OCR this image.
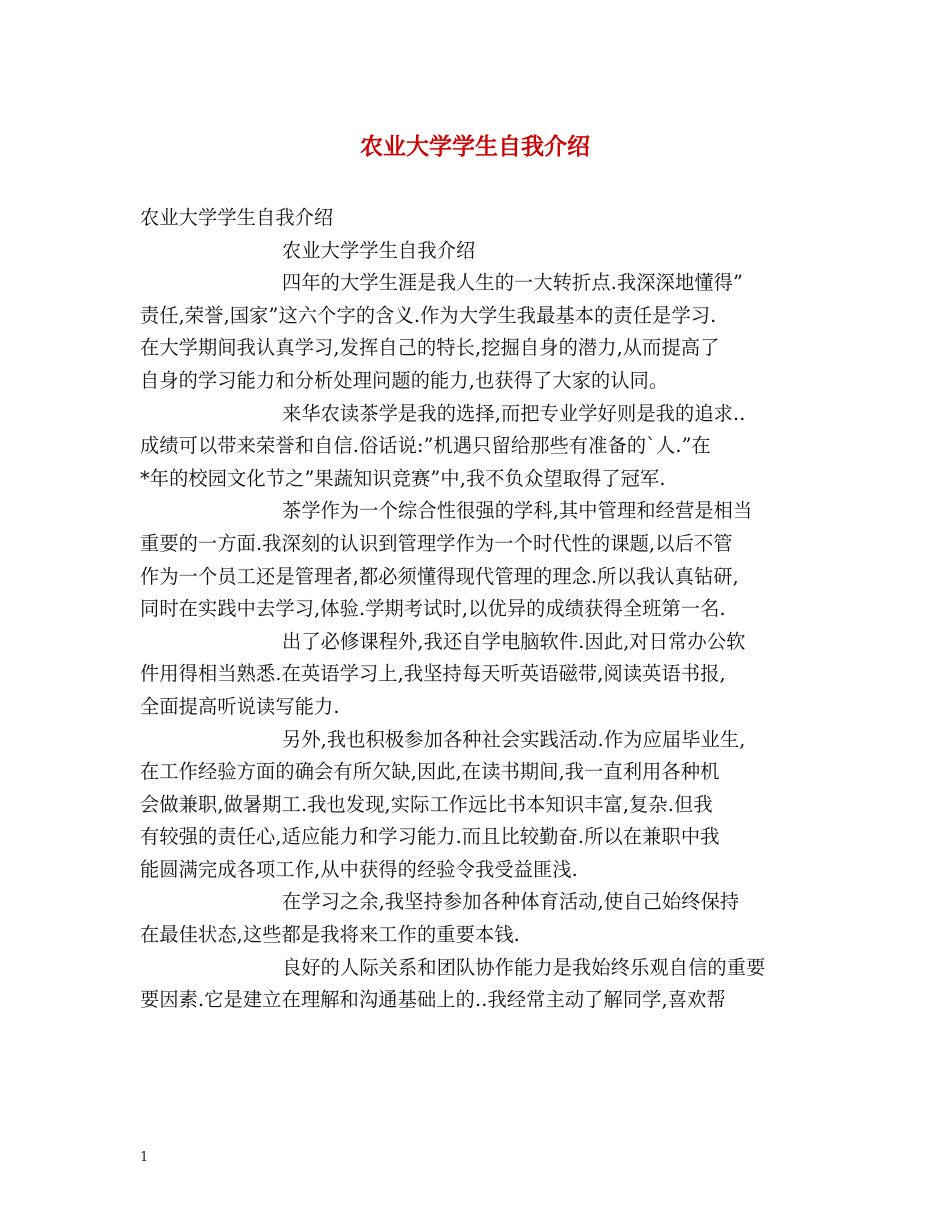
农业大学学生自我介绍
农业大学学生自我介绍
农业大学学生自我介绍
四年的大学生涯是我人生的一大转折点.我深深地懂得”
责任,荣誉,国家”这六个字的含义.作为大学生我最基本的责任是学习.
在大学期间我认真学习,发挥自己的特长,挖掘自身的潜力,从而提高了
自身的学习能力和分析处理问题的能力,也获得了大家的认同。
来华农读茶学是我的选择,而把专业学好则是我的追求..
成绩可以带来荣誉和自信.俗话说:”机遇只留给那些有准备的`人.”在
*年的校园文化节之”果蔬知识竞赛”中,我不负众望取得了冠军.
茶学作为一个综合性很强的学科,其中管理和经营是相当
重要的一方面.我深刻的认识到管理学作为一个时代性的课题,以后不管
作为一个员工还是管理者,都必须懂得现代管理的理念.所以我认真钻研,
同时在实践中去学习,体验.学期考试时,以优异的成绩获得全班第一名.
出了必修课程外,我还自学电脑软件.因此,对日常办公软
件用得相当熟悉.在英语学习上,我坚持每天听英语磁带,阅读英语书报,
全面提高听说读写能力.
另外,我也积极参加各种社会实践活动.作为应届毕业生,
在工作经验方面的确会有所欠缺,因此,在读书期间,我一直利用各种机
会做兼职,做暑期工.我也发现,实际工作远比书本知识丰富,复杂.但我
有较强的责任心,适应能力和学习能力.而且比较勤奋.所以在兼职中我
能圆满完成各项工作,从中获得的经验令我受益匪浅.
在学习之余,我坚持参加各种体育活动,使自己始终保持
在最佳状态,这些都是我将来工作的重要本钱.
良好的人际关系和团队协作能力是我始终乐观自信的重要
要因素.它是建立在理解和沟通基础上的..我经常主动了解同学,喜欢帮
1
